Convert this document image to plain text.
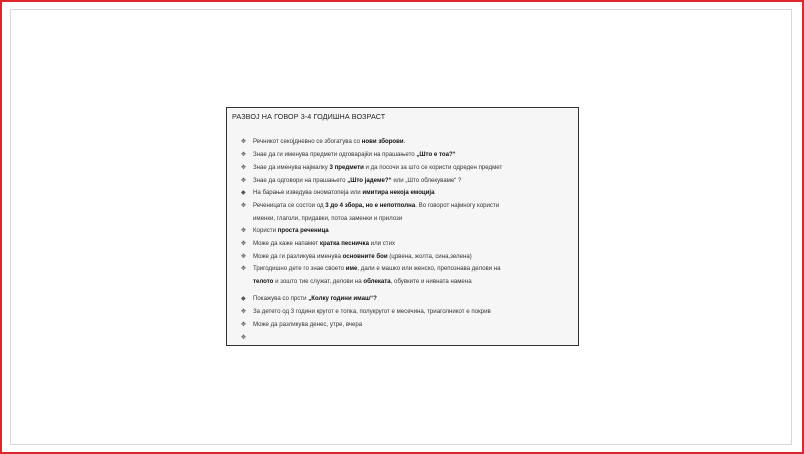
РАЗВОЈ НА ГОВОР 3-4 ГОДИШНА ВОЗРАСТ
✥ Речникот секојдневно се збогатува со нови зборови.
✥ Знае да ги именува предмети одговарајќи на прашањето „Што е тоа?“
✥ Знае да именува најмалку 3 предмети и да посочи за што се користи одреден предмет
✥ Знае да одговори на прашањето „Што јадеме?“ или „Што облекуваме“ ?
◆	На барање изведува ономатопеја или имитира некоја емоција
✥ Реченицата се состои од 3 до 4 збора, но е непотполна. Во говорот најмногу користи
именки, глаголи, придавки, потоа заменки и прилози
✥ Користи проста реченица
✥ Може да каже напамет кратка песничка или стих
✥ Може да ги разликува именува основните бои (црвена, жолта, сина,зелена)
✥ Тригодишно дете го знае своето име, дали е машко или женско, препознава делови на
телото и зошто тие служат, делови на облеката, обувките и нивната намена
◆	Покажува со прсти „Колку години имаш“?
✥ За детето од 3 години кругот е топка, полукругот е месечина, триаголникот е покрив
✥ Може да разликува денес, утре, вчера
✥
